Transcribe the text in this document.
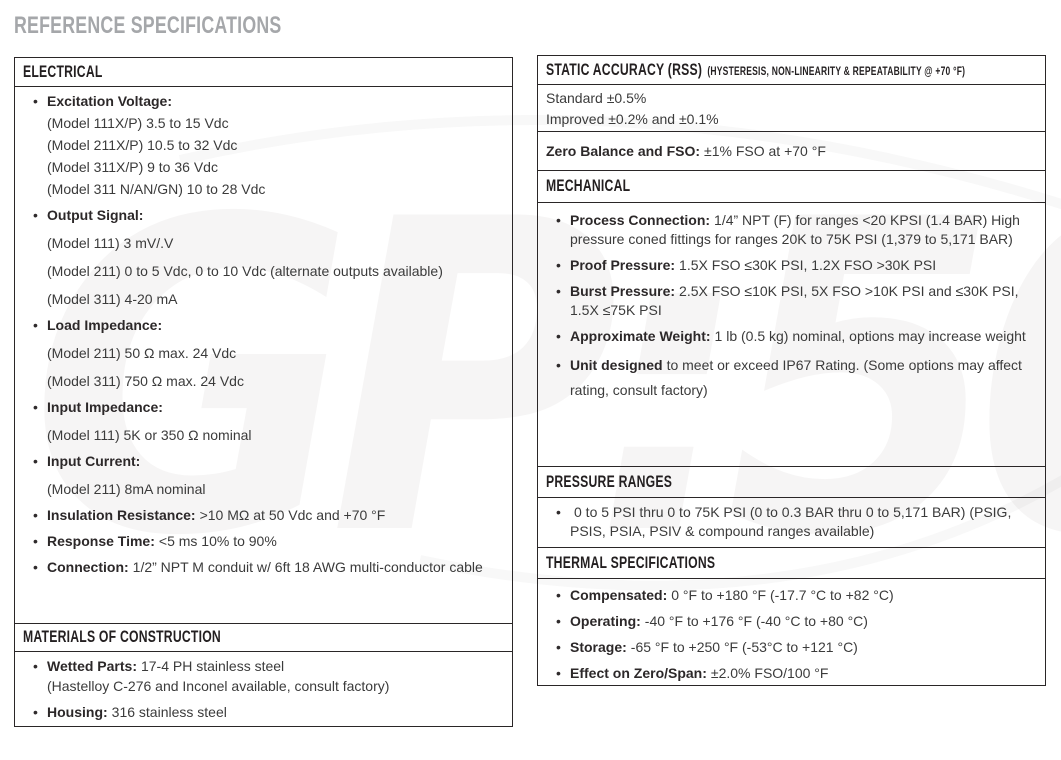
REFERENCE SPECIFICATIONS
ELECTRICAL
• Excitation Voltage:
(Model 111X/P) 3.5 to 15 Vdc
(Model 211X/P) 10.5 to 32 Vdc
(Model 311X/P) 9 to 36 Vdc
(Model 311 N/AN/GN) 10 to 28 Vdc
• Output Signal:
(Model 111) 3 mV/.V
(Model 211) 0 to 5 Vdc, 0 to 10 Vdc (alternate outputs available)
(Model 311) 4-20 mA
• Load Impedance:
(Model 211) 50 Ω max. 24 Vdc
(Model 311) 750 Ω max. 24 Vdc
• Input Impedance:
(Model 111) 5K or 350 Ω nominal
• Input Current:
(Model 211) 8mA nominal
• Insulation Resistance: >10 MΩ at 50 Vdc and +70 °F
• Response Time: <5 ms 10% to 90%
• Connection: 1/2” NPT M conduit w/ 6ft 18 AWG multi-conductor cable
MATERIALS OF CONSTRUCTION
• Wetted Parts: 17-4 PH stainless steel
(Hastelloy C-276 and Inconel available, consult factory)
• Housing: 316 stainless steel
STATIC ACCURACY (RSS) (HYSTERESIS, NON-LINEARITY & REPEATABILITY @ +70 °F)
Standard ±0.5%
Improved ±0.2% and ±0.1%
Zero Balance and FSO: ±1% FSO at +70 °F
MECHANICAL
• Process Connection: 1/4” NPT (F) for ranges <20 KPSI (1.4 BAR) High pressure coned fittings for ranges 20K to 75K PSI (1,379 to 5,171 BAR)
• Proof Pressure: 1.5X FSO ≤30K PSI, 1.2X FSO >30K PSI
• Burst Pressure: 2.5X FSO ≤10K PSI, 5X FSO >10K PSI and ≤30K PSI, 1.5X ≤75K PSI
• Approximate Weight: 1 lb (0.5 kg) nominal, options may increase weight
• Unit designed to meet or exceed IP67 Rating. (Some options may affect rating, consult factory)
PRESSURE RANGES
• 0 to 5 PSI thru 0 to 75K PSI (0 to 0.3 BAR thru 0 to 5,171 BAR) (PSIG, PSIS, PSIA, PSIV & compound ranges available)
THERMAL SPECIFICATIONS
• Compensated: 0 °F to +180 °F (-17.7 °C to +82 °C)
• Operating: -40 °F to +176 °F (-40 °C to +80 °C)
• Storage: -65 °F to +250 °F (-53°C to +121 °C)
• Effect on Zero/Span: ±2.0% FSO/100 °F
